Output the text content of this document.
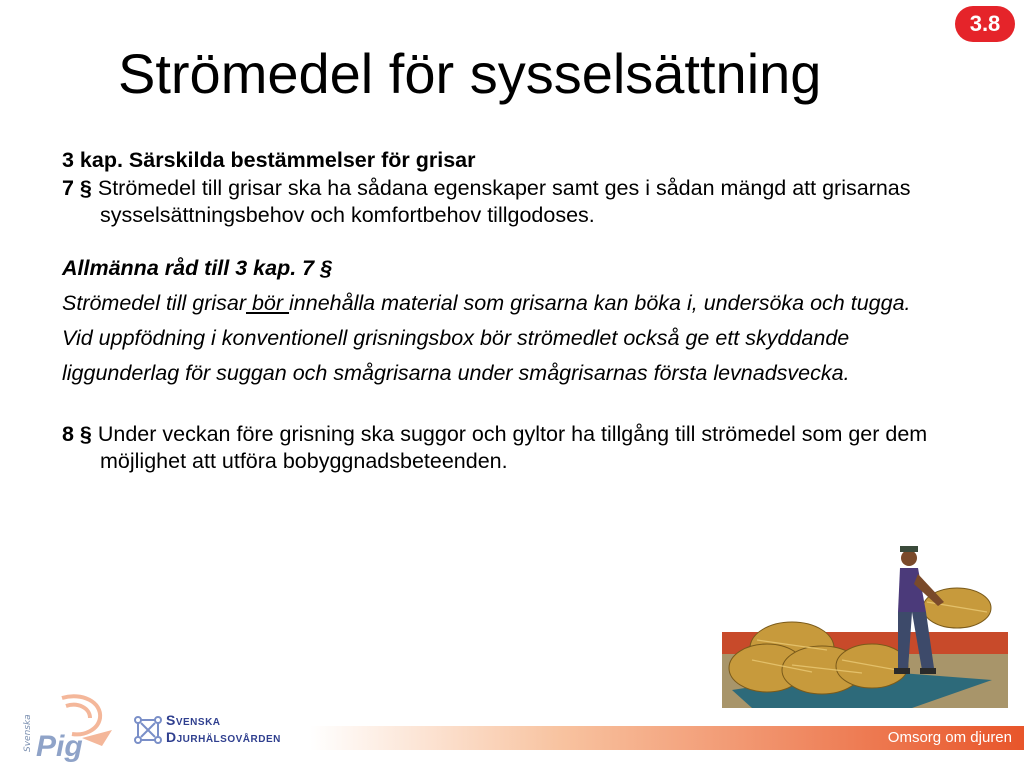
3.8
Strömedel för sysselsättning

3 kap. Särskilda bestämmelser för grisar

7 § Strömedel till grisar ska ha sådana egenskaper samt ges i sådan mängd att grisarnas sysselsättningsbehov och komfortbehov tillgodoses.

Allmänna råd till 3 kap. 7 §

Strömedel till grisar bör innehålla material som grisarna kan böka i, undersöka och tugga. Vid uppfödning i konventionell grisningsbox bör strömedlet också ge ett skyddande liggunderlag för suggan och smågrisarna under smågrisarnas första levnadsvecka.

8 § Under veckan före grisning ska suggor och gyltor ha tillgång till strömedel som ger dem möjlighet att utföra bobyggnadsbeteenden.

Svenska Pig
Svenska
Djurhälsovården	Omsorg om djuren
